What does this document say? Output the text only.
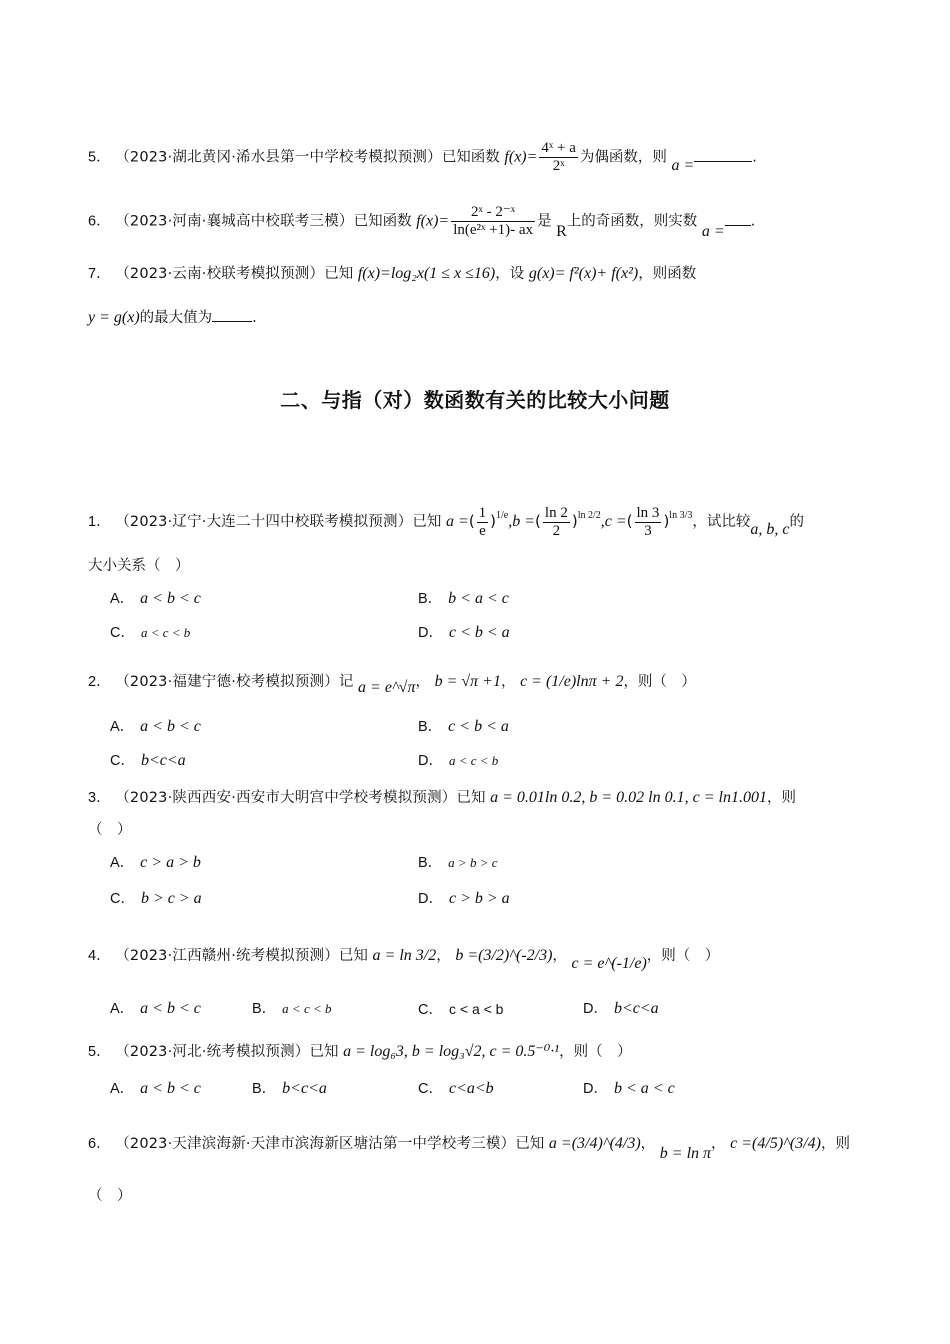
5． （2023·湖北黄冈·浠水县第一中学校考模拟预测）已知函数 $f(x)= \frac{\text{4ˣ + a}}{\text{2ˣ}}$ 为偶函数，则 a =	.
6． （2023·河南·襄城高中校联考三模）已知函数 $f(x)= \frac{\text{2ˣ - 2⁻ˣ}}{\text{ln(e²ˣ +1)- ax}}$ 是 R上的奇函数，则实数 a =.
7． （2023·云南·校联考模拟预测）已知 f(x)=log₂x(1 ≤ x ≤16)，设 g(x)= f²(x)+ f(x²)，则函数
y = g(x)的最大值为	.
二、与指（对）数函数有关的比较大小问题
1． （2023·辽宁·大连二十四中校联考模拟预测）已知 a =( $\frac{1}{e} )^{1/e},b$ =( $\frac{\ln 2}{2} )^{ln 2/2},c$ =( $\frac{\ln 3}{3} )^{ln 3/3}$，试比较a, b, c的
大小关系（　）
A． a < b < c	B． b < a < c
C． a < c < b	D． c < b < a
2． （2023·福建宁德·校考模拟预测）记 a = e^√π， b = √π +1， c = (1/e)lnπ + 2，则（　）
A． a < b < c	B． c < b < a
C． b<c<a	D． a < c < b
3． （2023·陕西西安·西安市大明宫中学校考模拟预测）已知 a = 0.01ln 0.2, b = 0.02 ln 0.1, c = ln1.001，则
（　）
A． c > a > b	B． a > b > c
C． b > c > a	D． c > b > a
4． （2023·江西赣州·统考模拟预测）已知 a = ln 3/2， b =(3/2)^(-2/3)， c = e^(-1/e)，则（　）
A． a < b < c	B． a < c < b	C． c < a < b	D． b<c<a
5． （2023·河北·统考模拟预测）已知 a = log₆3, b = log₃√2, c = 0.5⁻⁰·¹，则（　）
A． a < b < c	B． b<c<a	C． c<a<b	D． b < a < c
6． （2023·天津滨海新·天津市滨海新区塘沽第一中学校考三模）已知 a =(3/4)^(4/3)， b = ln π， c =(4/5)^(3/4)，则
（　）
